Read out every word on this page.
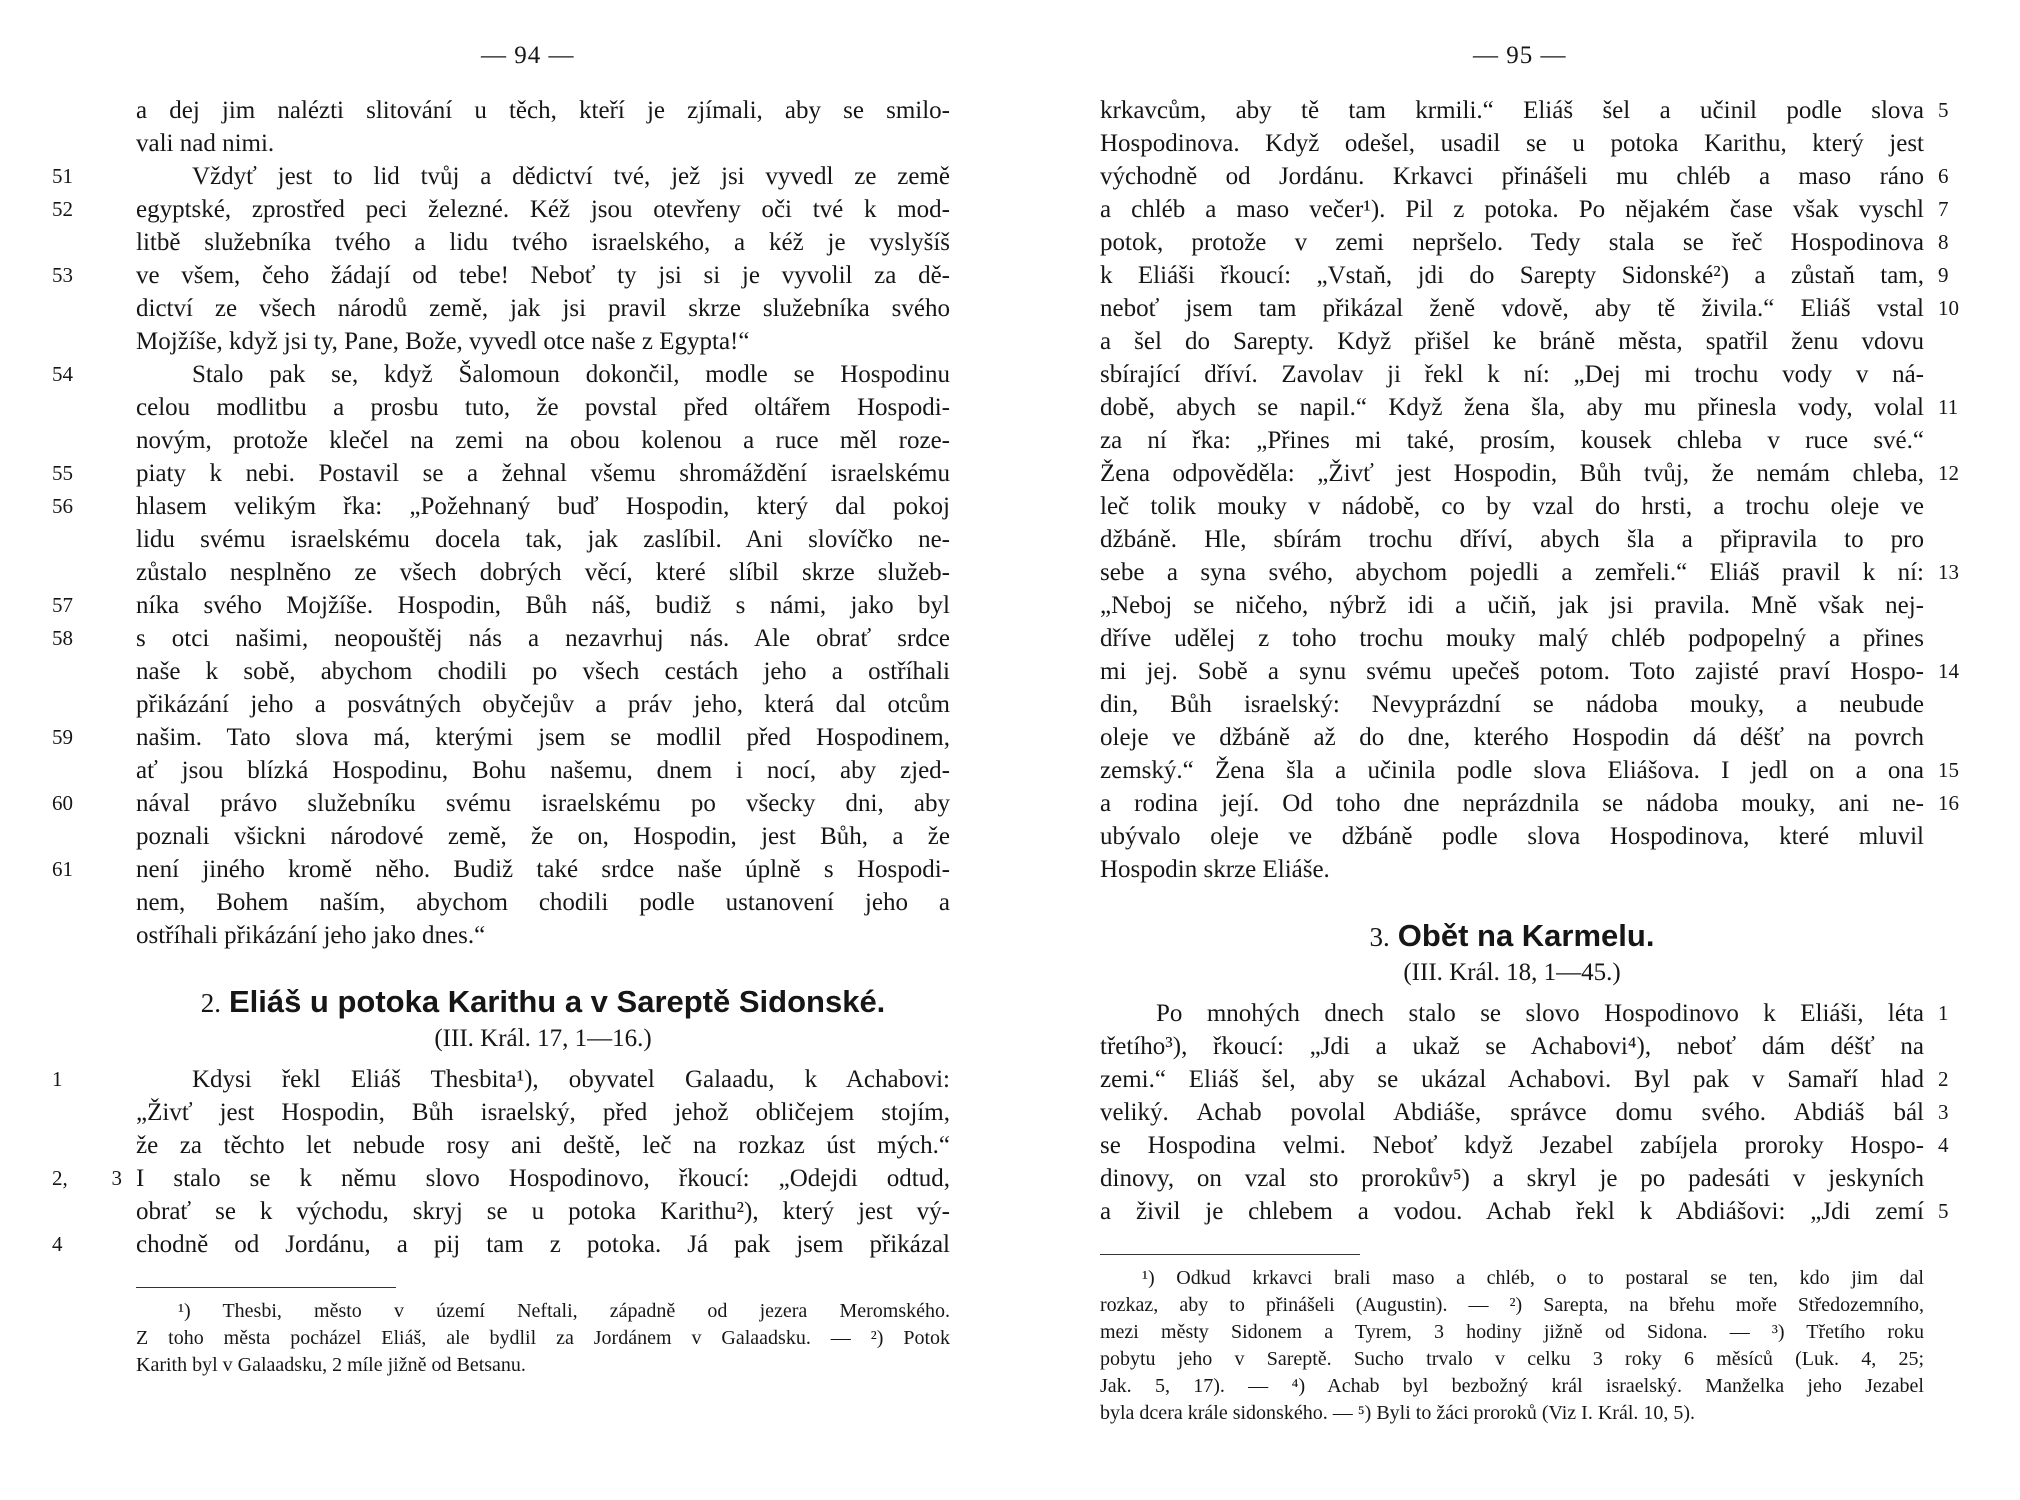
— 94 —
a dej jim nalézti slitování u těch, kteří je zjímali, aby se smilo-
vali nad nimi.
Vždyť jest to lid tvůj a dědictví tvé, jež jsi vyvedl ze země
51
egyptské, zprostřed peci železné. Kéž jsou otevřeny oči tvé k mod-
52
litbě služebníka tvého a lidu tvého israelského, a kéž je vyslyšíš
ve všem, čeho žádají od tebe! Neboť ty jsi si je vyvolil za dě-
53
dictví ze všech národů země, jak jsi pravil skrze služebníka svého
Mojžíše, když jsi ty, Pane, Bože, vyvedl otce naše z Egypta!“
Stalo pak se, když Šalomoun dokončil, modle se Hospodinu
54
celou modlitbu a prosbu tuto, že povstal před oltářem Hospodi-
novým, protože klečel na zemi na obou kolenou a ruce měl roze-
piaty k nebi. Postavil se a žehnal všemu shromáždění israelskému
55
hlasem velikým řka: „Požehnaný buď Hospodin, který dal pokoj
56
lidu svému israelskému docela tak, jak zaslíbil. Ani slovíčko ne-
zůstalo nesplněno ze všech dobrých věcí, které slíbil skrze služeb-
níka svého Mojžíše. Hospodin, Bůh náš, budiž s námi, jako byl
57
s otci našimi, neopouštěj nás a nezavrhuj nás. Ale obrať srdce
58
naše k sobě, abychom chodili po všech cestách jeho a ostříhali
přikázání jeho a posvátných obyčejův a práv jeho, která dal otcům
našim. Tato slova má, kterými jsem se modlil před Hospodinem,
59
ať jsou blízká Hospodinu, Bohu našemu, dnem i nocí, aby zjed-
nával právo služebníku svému israelskému po všecky dni, aby
60
poznali všickni národové země, že on, Hospodin, jest Bůh, a že
není jiného kromě něho. Budiž také srdce naše úplně s Hospodi-
61
nem, Bohem naším, abychom chodili podle ustanovení jeho a
ostříhali přikázání jeho jako dnes.“
2. Eliáš u potoka Karithu a v Sareptě Sidonské.
(III. Král. 17, 1—16.)
Kdysi řekl Eliáš Thesbita¹), obyvatel Galaadu, k Achabovi:
1
„Živť jest Hospodin, Bůh israelský, před jehož obličejem stojím,
že za těchto let nebude rosy ani deště, leč na rozkaz úst mých.“
I stalo se k němu slovo Hospodinovo, řkoucí: „Odejdi odtud,
2, 3
obrať se k východu, skryj se u potoka Karithu²), který jest vý-
chodně od Jordánu, a pij tam z potoka. Já pak jsem přikázal
4
¹) Thesbi, město v území Neftali, západně od jezera Meromského.
Z toho města pocházel Eliáš, ale bydlil za Jordánem v Galaadsku. — ²) Potok
Karith byl v Galaadsku, 2 míle jižně od Betsanu.
— 95 —
krkavcům, aby tě tam krmili.“ Eliáš šel a učinil podle slova 5
Hospodinova. Když odešel, usadil se u potoka Karithu, který jest
východně od Jordánu. Krkavci přinášeli mu chléb a maso ráno 6
a chléb a maso večer¹). Pil z potoka. Po nějakém čase však vyschl 7
potok, protože v zemi nepršelo. Tedy stala se řeč Hospodinova 8
k Eliáši řkoucí: „Vstaň, jdi do Sarepty Sidonské²) a zůstaň tam, 9
neboť jsem tam přikázal ženě vdově, aby tě živila.“ Eliáš vstal 10
a šel do Sarepty. Když přišel ke bráně města, spatřil ženu vdovu
sbírající dříví. Zavolav ji řekl k ní: „Dej mi trochu vody v ná-
době, abych se napil.“ Když žena šla, aby mu přinesla vody, volal 11
za ní řka: „Přines mi také, prosím, kousek chleba v ruce své.“
Žena odpověděla: „Živť jest Hospodin, Bůh tvůj, že nemám chleba, 12
leč tolik mouky v nádobě, co by vzal do hrsti, a trochu oleje ve
džbáně. Hle, sbírám trochu dříví, abych šla a připravila to pro
sebe a syna svého, abychom pojedli a zemřeli.“ Eliáš pravil k ní: 13
„Neboj se ničeho, nýbrž idi a učiň, jak jsi pravila. Mně však nej-
dříve udělej z toho trochu mouky malý chléb podpopelný a přines
mi jej. Sobě a synu svému upečeš potom. Toto zajisté praví Hospo- 14
din, Bůh israelský: Nevyprázdní se nádoba mouky, a neubude
oleje ve džbáně až do dne, kterého Hospodin dá déšť na povrch
zemský.“ Žena šla a učinila podle slova Eliášova. I jedl on a ona 15
a rodina její. Od toho dne neprázdnila se nádoba mouky, ani ne- 16
ubývalo oleje ve džbáně podle slova Hospodinova, které mluvil
Hospodin skrze Eliáše.
3. Obět na Karmelu.
(III. Král. 18, 1—45.)
Po mnohých dnech stalo se slovo Hospodinovo k Eliáši, léta 1
třetího³), řkoucí: „Jdi a ukaž se Achabovi⁴), neboť dám déšť na
zemi.“ Eliáš šel, aby se ukázal Achabovi. Byl pak v Samaří hlad 2
veliký. Achab povolal Abdiáše, správce domu svého. Abdiáš bál 3
se Hospodina velmi. Neboť když Jezabel zabíjela proroky Hospo- 4
dinovy, on vzal sto prorokův⁵) a skryl je po padesáti v jeskyních
a živil je chlebem a vodou. Achab řekl k Abdiášovi: „Jdi zemí 5
¹) Odkud krkavci brali maso a chléb, o to postaral se ten, kdo jim dal
rozkaz, aby to přinášeli (Augustin). — ²) Sarepta, na břehu moře Středozemního,
mezi městy Sidonem a Tyrem, 3 hodiny jižně od Sidona. — ³) Třetího roku
pobytu jeho v Sareptě. Sucho trvalo v celku 3 roky 6 měsíců (Luk. 4, 25;
Jak. 5, 17). — ⁴) Achab byl bezbožný král israelský. Manželka jeho Jezabel
byla dcera krále sidonského. — ⁵) Byli to žáci proroků (Viz I. Král. 10, 5).
